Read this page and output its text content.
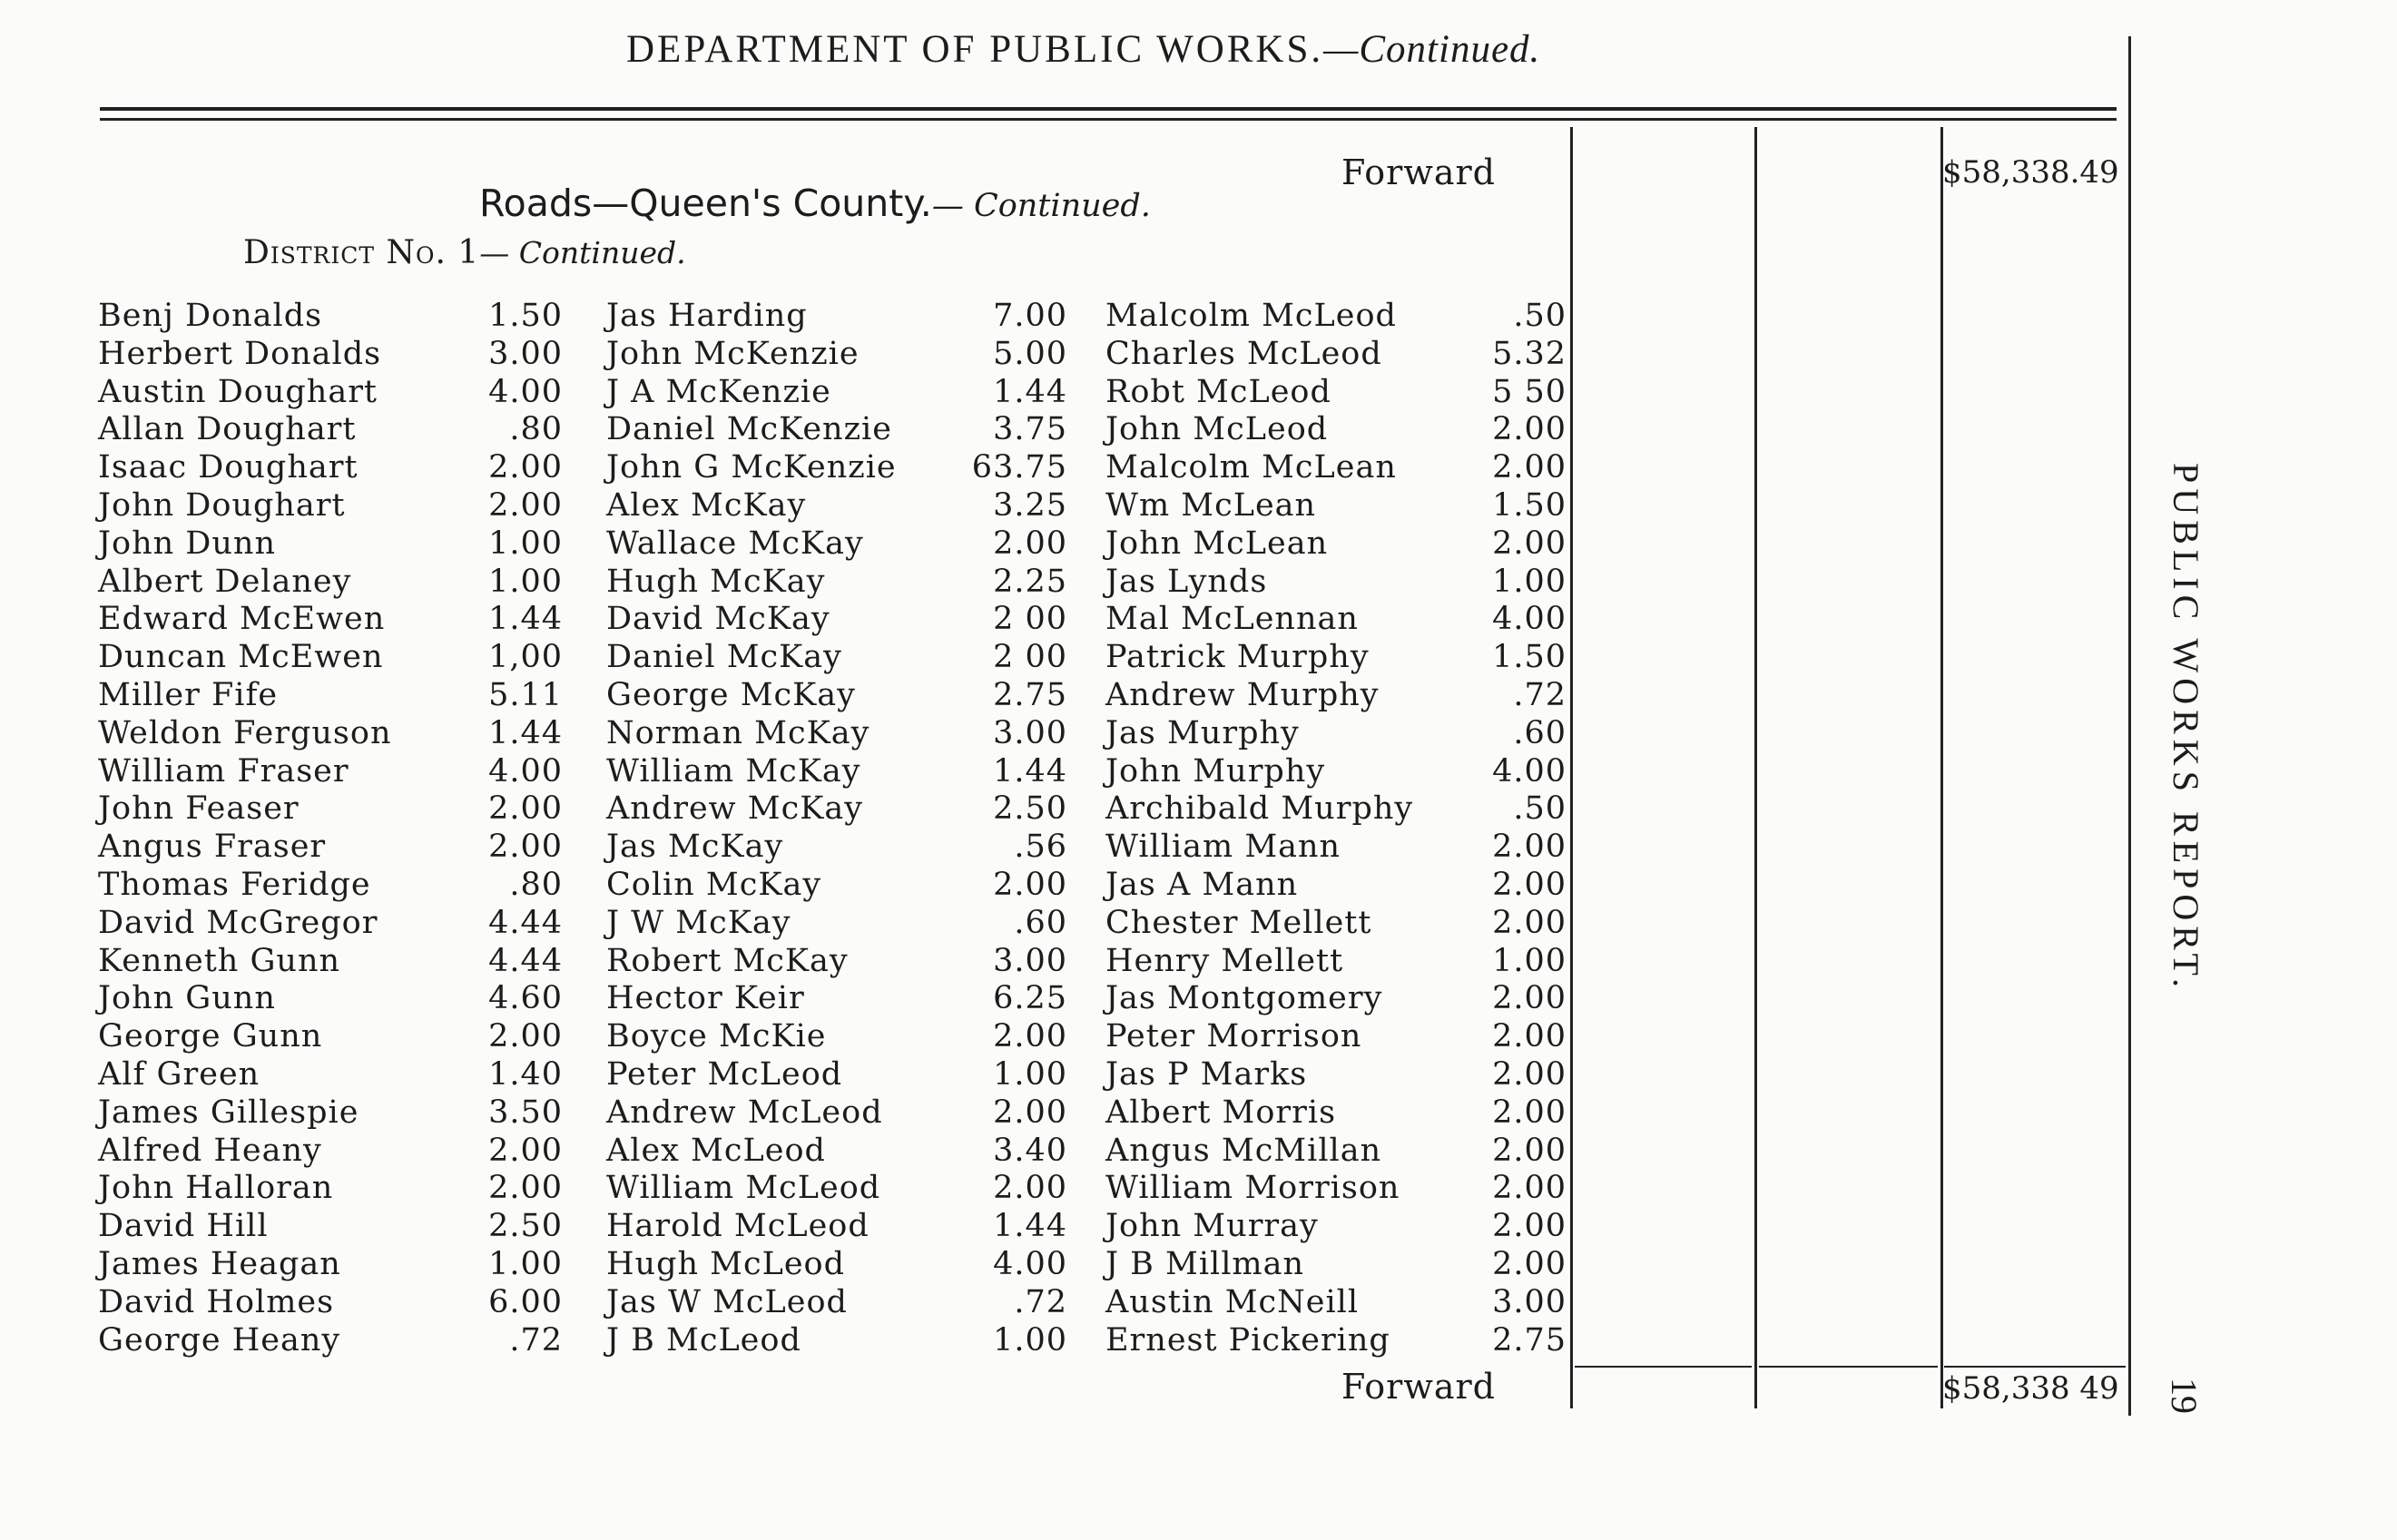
DEPARTMENT OF PUBLIC WORKS.—Continued.
Forward	$58,338.49
Roads—Queen's County.— Continued.
District No. 1— Continued.
Benj Donalds	1.50
Herbert Donalds	3.00
Austin Doughart	4.00
Allan Doughart	.80
Isaac Doughart	2.00
John Doughart	2.00
John Dunn	1.00
Albert Delaney	1.00
Edward McEwen	1.44
Duncan McEwen	1,00
Miller Fife	5.11
Weldon Ferguson	1.44
William Fraser	4.00
John Feaser	2.00
Angus Fraser	2.00
Thomas Feridge	.80
David McGregor	4.44
Kenneth Gunn	4.44
John Gunn	4.60
George Gunn	2.00
Alf Green	1.40
James Gillespie	3.50
Alfred Heany	2.00
John Halloran	2.00
David Hill	2.50
James Heagan	1.00
David Holmes	6.00
George Heany	.72
Jas Harding	7.00
John McKenzie	5.00
J A McKenzie	1.44
Daniel McKenzie	3.75
John G McKenzie 63.75
Alex McKay	3.25
Wallace McKay	2.00
Hugh McKay	2.25
David McKay	2 00
Daniel McKay	2 00
George McKay	2.75
Norman McKay	3.00
William McKay	1.44
Andrew McKay	2.50
Jas McKay	.56
Colin McKay	2.00
J W McKay	.60
Robert McKay	3.00
Hector Keir	6.25
Boyce McKie	2.00
Peter McLeod	1.00
Andrew McLeod	2.00
Alex McLeod	3.40
William McLeod	2.00
Harold McLeod	1.44
Hugh McLeod	4.00
Jas W McLeod	.72
J B McLeod	1.00
Malcolm McLeod	.50
Charles McLeod	5.32
Robt McLeod	5 50
John McLeod	2.00
Malcolm McLean	2.00
Wm McLean	1.50
John McLean	2.00
Jas Lynds	1.00
Mal McLennan	4.00
Patrick Murphy	1.50
Andrew Murphy	.72
Jas Murphy	.60
John Murphy	4.00
Archibald Murphy	.50
William Mann	2.00
Jas A Mann	2.00
Chester Mellett	2.00
Henry Mellett	1.00
Jas Montgomery	2.00
Peter Morrison	2.00
Jas P Marks	2.00
Albert Morris	2.00
Angus McMillan	2.00
William Morrison	2.00
John Murray	2.00
J B Millman	2.00
Austin McNeill	3.00
Ernest Pickering	2.75
Forward	$58,338 49
PUBLIC WORKS REPORT.
19
